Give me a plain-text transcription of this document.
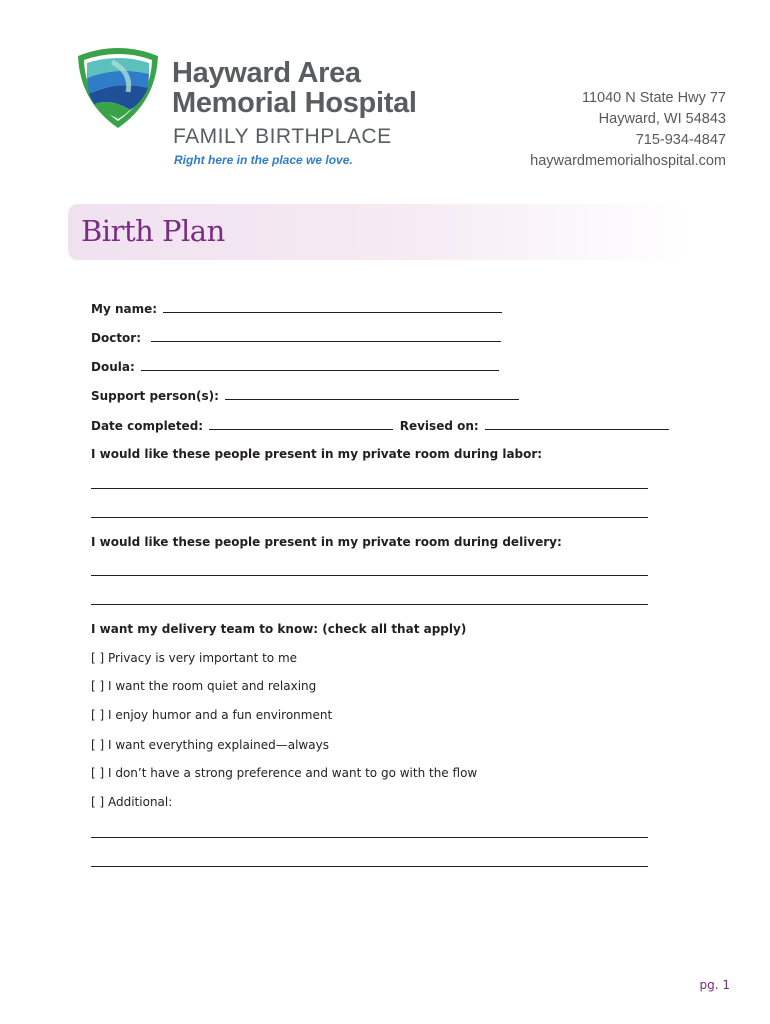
Hayward Area
Memorial Hospital
FAMILY BIRTHPLACE
Right here in the place we love.
11040 N State Hwy 77
Hayward, WI 54843
715-934-4847
haywardmemorialhospital.com
Birth Plan
My name:
Doctor:
Doula:
Support person(s):
Date completed:	Revised on:
I would like these people present in my private room during labor:
I would like these people present in my private room during delivery:
I want my delivery team to know: (check all that apply)
[ ] Privacy is very important to me
[ ] I want the room quiet and relaxing
[ ] I enjoy humor and a fun environment
[ ] I want everything explained—always
[ ] I don’t have a strong preference and want to go with the flow
[ ] Additional:
pg. 1
